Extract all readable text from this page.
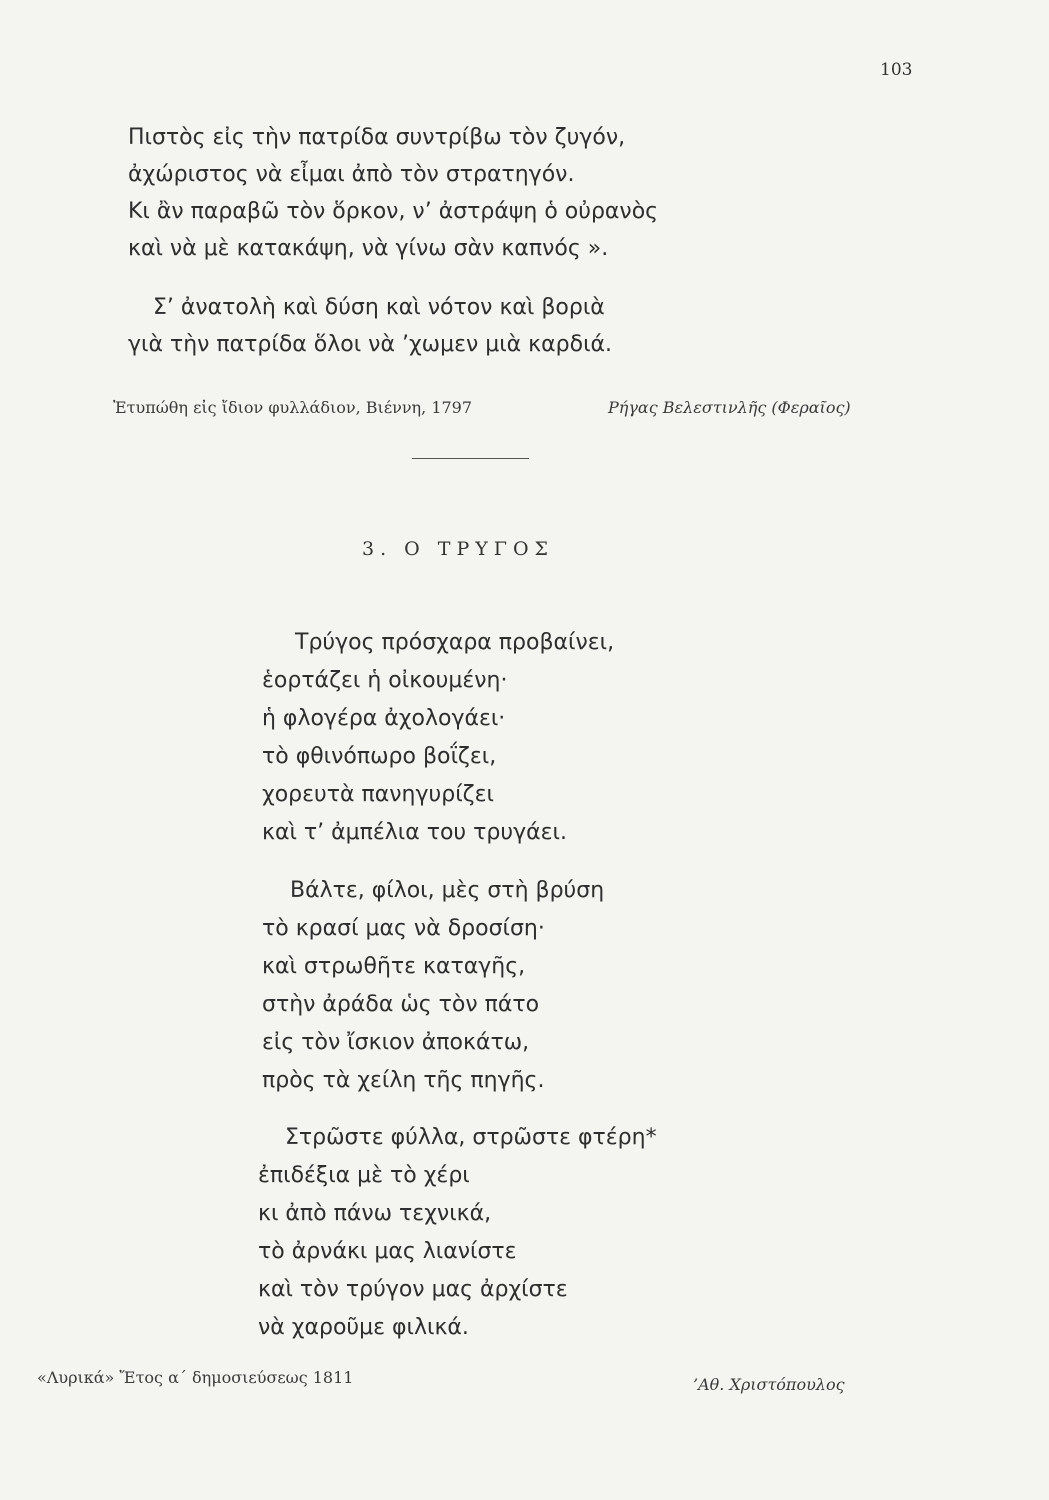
103
Πιστὸς εἰς τὴν πατρίδα συντρίβω τὸν ζυγόν,
ἀχώριστος νὰ εἶμαι ἀπὸ τὸν στρατηγόν.
Κι ἂν παραβῶ τὸν ὅρκον, ν’ ἀστράψη ὁ οὐρανὸς
καὶ νὰ μὲ κατακάψη, νὰ γίνω σὰν καπνός ».
Σ’ ἀνατολὴ καὶ δύση καὶ νότον καὶ βοριὰ
γιὰ τὴν πατρίδα ὅλοι νὰ ’χωμεν μιὰ καρδιά.
Ἐτυπώθη εἰς ἴδιον φυλλάδιον, Βιέννη, 1797	Ρήγας Βελεστινλῆς (Φεραῖος)
3. Ο ΤΡΥΓΟΣ
Τρύγος πρόσχαρα προβαίνει,
ἑορτάζει ἡ οἰκουμένη·
ἡ φλογέρα ἀχολογάει·
τὸ φθινόπωρο βοΐζει,
χορευτὰ πανηγυρίζει
καὶ τ’ ἀμπέλια του τρυγάει.
Βάλτε, φίλοι, μὲς στὴ βρύση
τὸ κρασί μας νὰ δροσίση·
καὶ στρωθῆτε καταγῆς,
στὴν ἀράδα ὡς τὸν πάτο
εἰς τὸν ἴσκιον ἀποκάτω,
πρὸς τὰ χείλη τῆς πηγῆς.
Στρῶστε φύλλα, στρῶστε φτέρη*
ἐπιδέξια μὲ τὸ χέρι
κι ἀπὸ πάνω τεχνικά,
τὸ ἀρνάκι μας λιανίστε
καὶ τὸν τρύγον μας ἀρχίστε
νὰ χαροῦμε φιλικά.
«Λυρικά» Ἔτος α΄ δημοσιεύσεως 1811	’Αθ. Χριστόπουλος
